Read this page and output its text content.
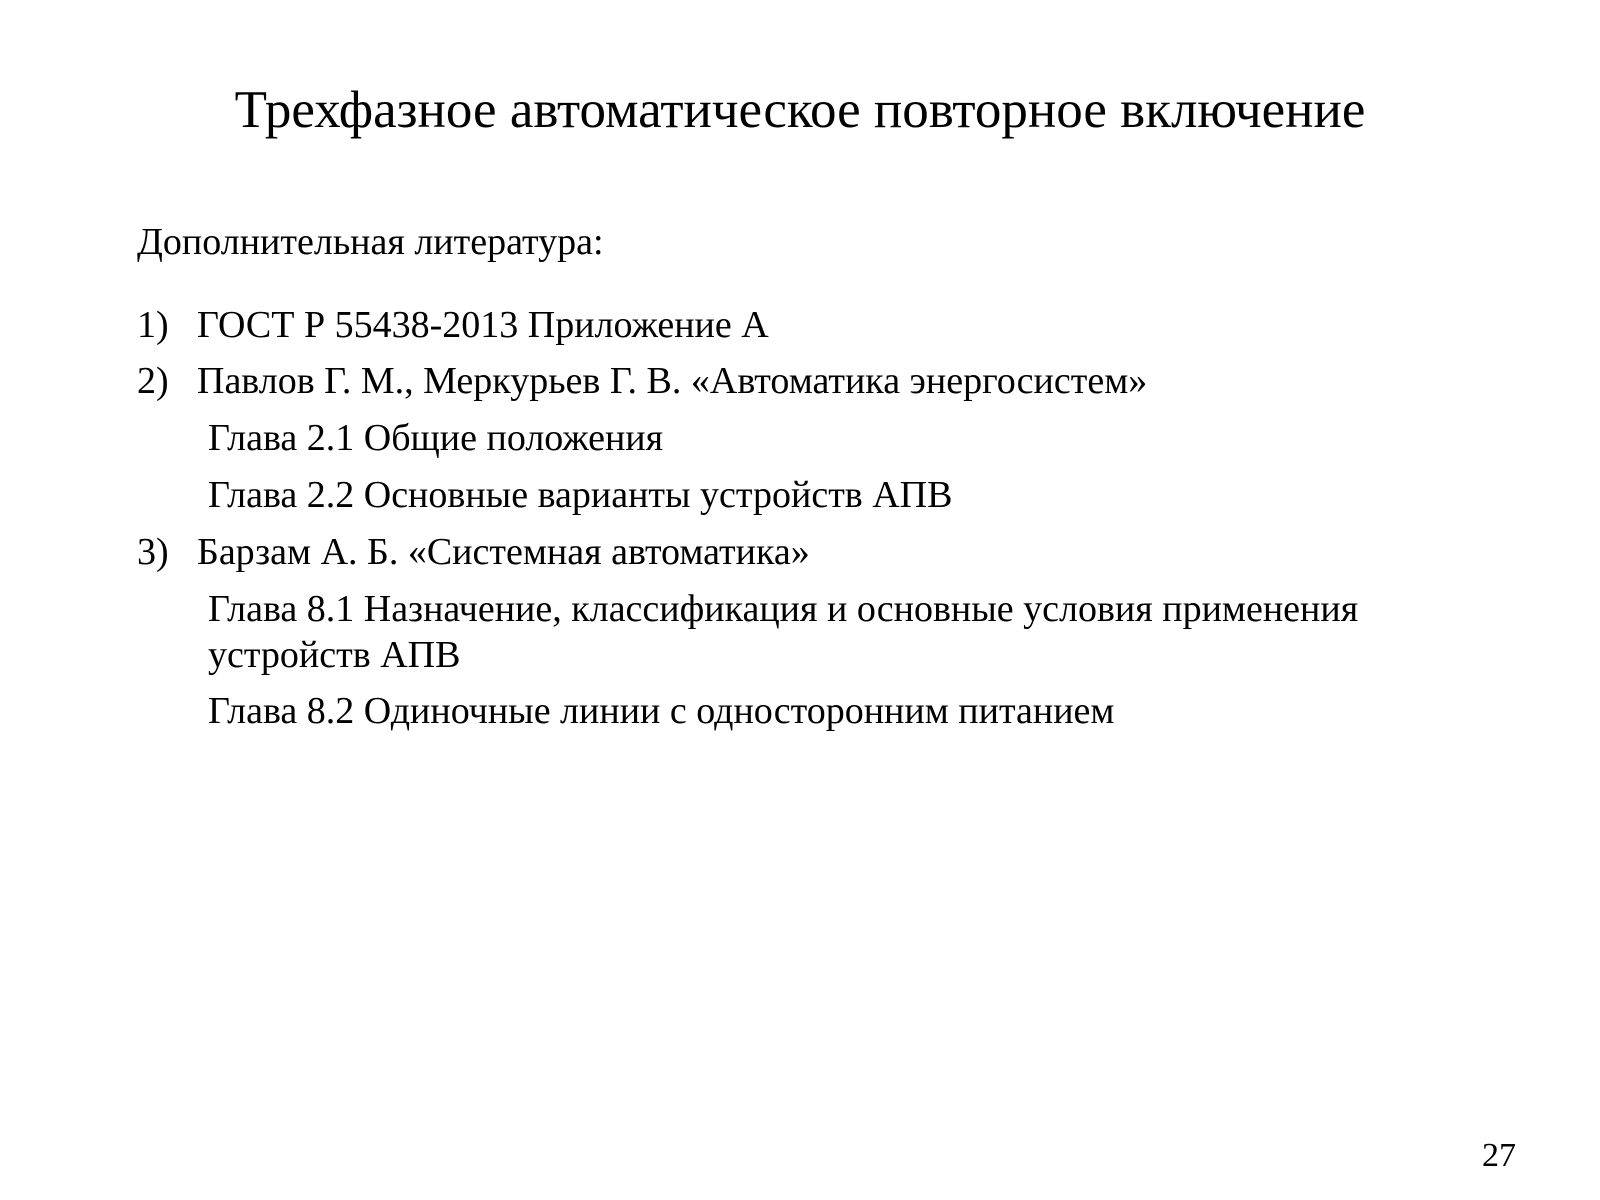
Трехфазное автоматическое повторное включение

Дополнительная литература:

1) ГОСТ Р 55438-2013 Приложение А
2) Павлов Г. М., Меркурьев Г. В. «Автоматика энергосистем»
Глава 2.1 Общие положения
Глава 2.2 Основные варианты устройств АПВ
3) Барзам А. Б. «Системная автоматика»
Глава 8.1 Назначение, классификация и основные условия применения устройств АПВ
Глава 8.2 Одиночные линии с односторонним питанием
27
